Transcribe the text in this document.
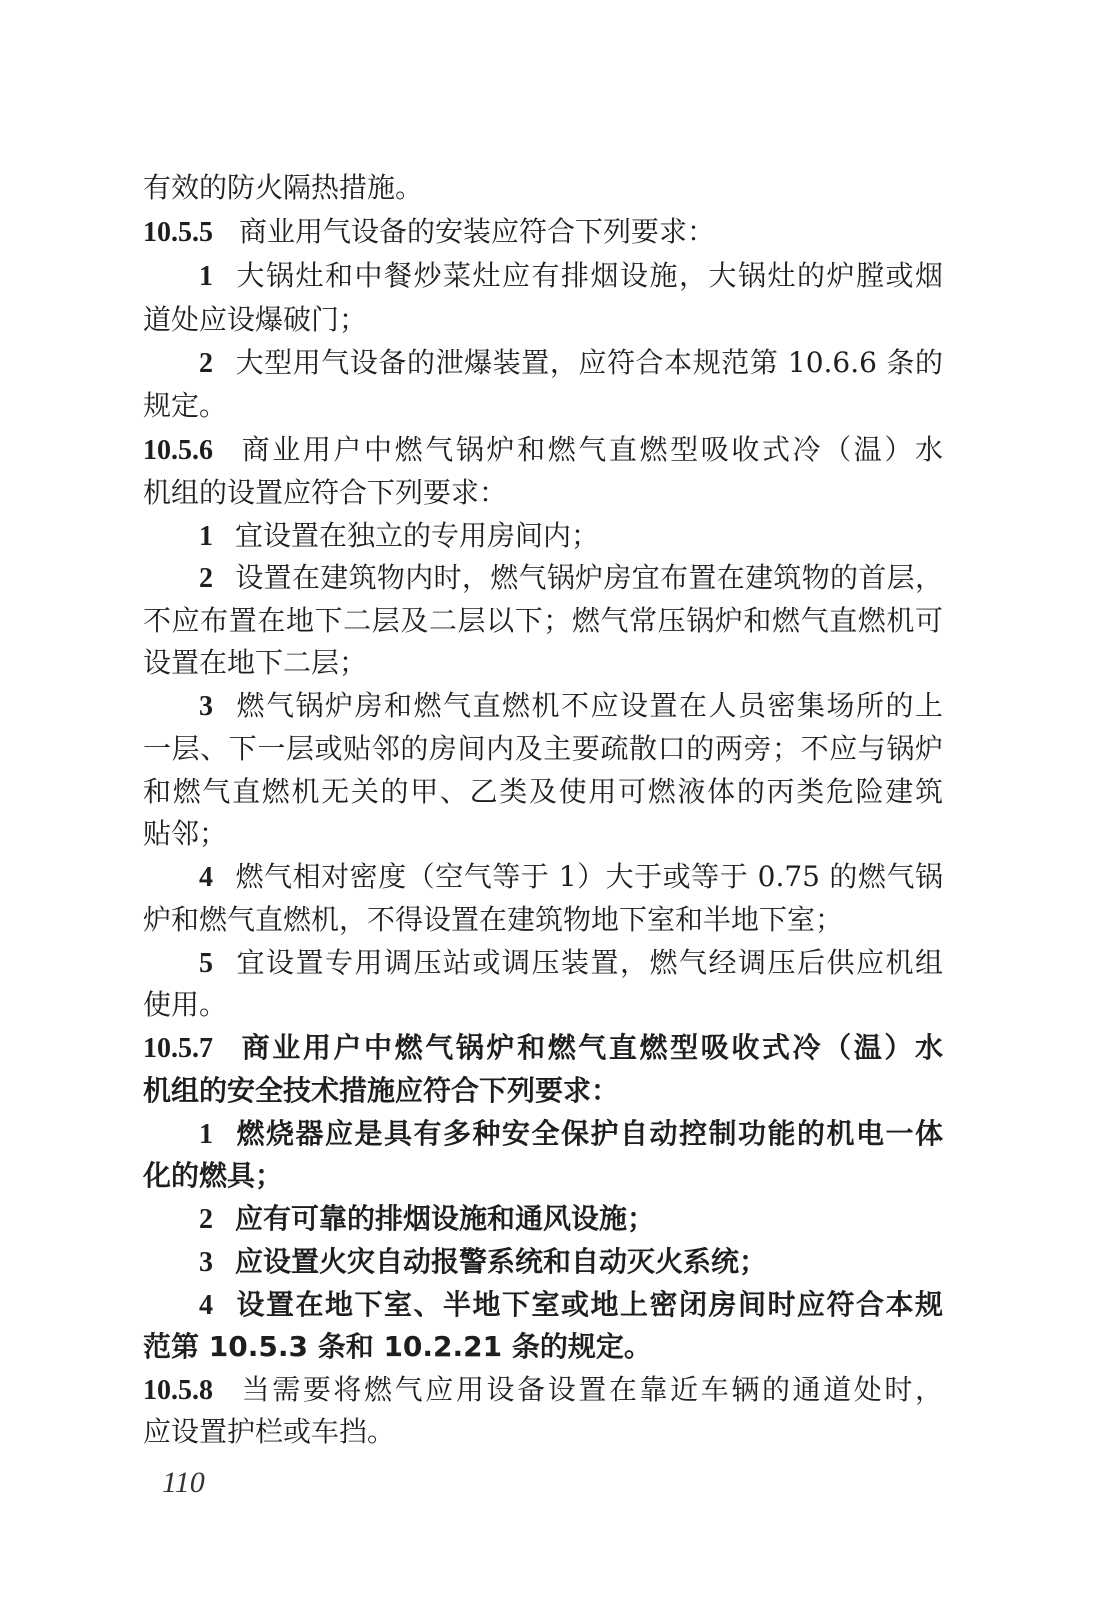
有效的防火隔热措施。
10.5.5 商业用气设备的安装应符合下列要求：
1 大锅灶和中餐炒菜灶应有排烟设施，大锅灶的炉膛或烟
道处应设爆破门；
2 大型用气设备的泄爆装置，应符合本规范第 10.6.6 条的
规定。
10.5.6 商业用户中燃气锅炉和燃气直燃型吸收式冷（温）水
机组的设置应符合下列要求：
1 宜设置在独立的专用房间内；
2 设置在建筑物内时，燃气锅炉房宜布置在建筑物的首层，
不应布置在地下二层及二层以下；燃气常压锅炉和燃气直燃机可
设置在地下二层；
3 燃气锅炉房和燃气直燃机不应设置在人员密集场所的上
一层、下一层或贴邻的房间内及主要疏散口的两旁；不应与锅炉
和燃气直燃机无关的甲、乙类及使用可燃液体的丙类危险建筑
贴邻；
4 燃气相对密度（空气等于 1）大于或等于 0.75 的燃气锅
炉和燃气直燃机，不得设置在建筑物地下室和半地下室；
5 宜设置专用调压站或调压装置，燃气经调压后供应机组
使用。
10.5.7 商业用户中燃气锅炉和燃气直燃型吸收式冷（温）水
机组的安全技术措施应符合下列要求：
1 燃烧器应是具有多种安全保护自动控制功能的机电一体
化的燃具；
2 应有可靠的排烟设施和通风设施；
3 应设置火灾自动报警系统和自动灭火系统；
4 设置在地下室、半地下室或地上密闭房间时应符合本规
范第 10.5.3 条和 10.2.21 条的规定。
10.5.8 当需要将燃气应用设备设置在靠近车辆的通道处时，
应设置护栏或车挡。
110
